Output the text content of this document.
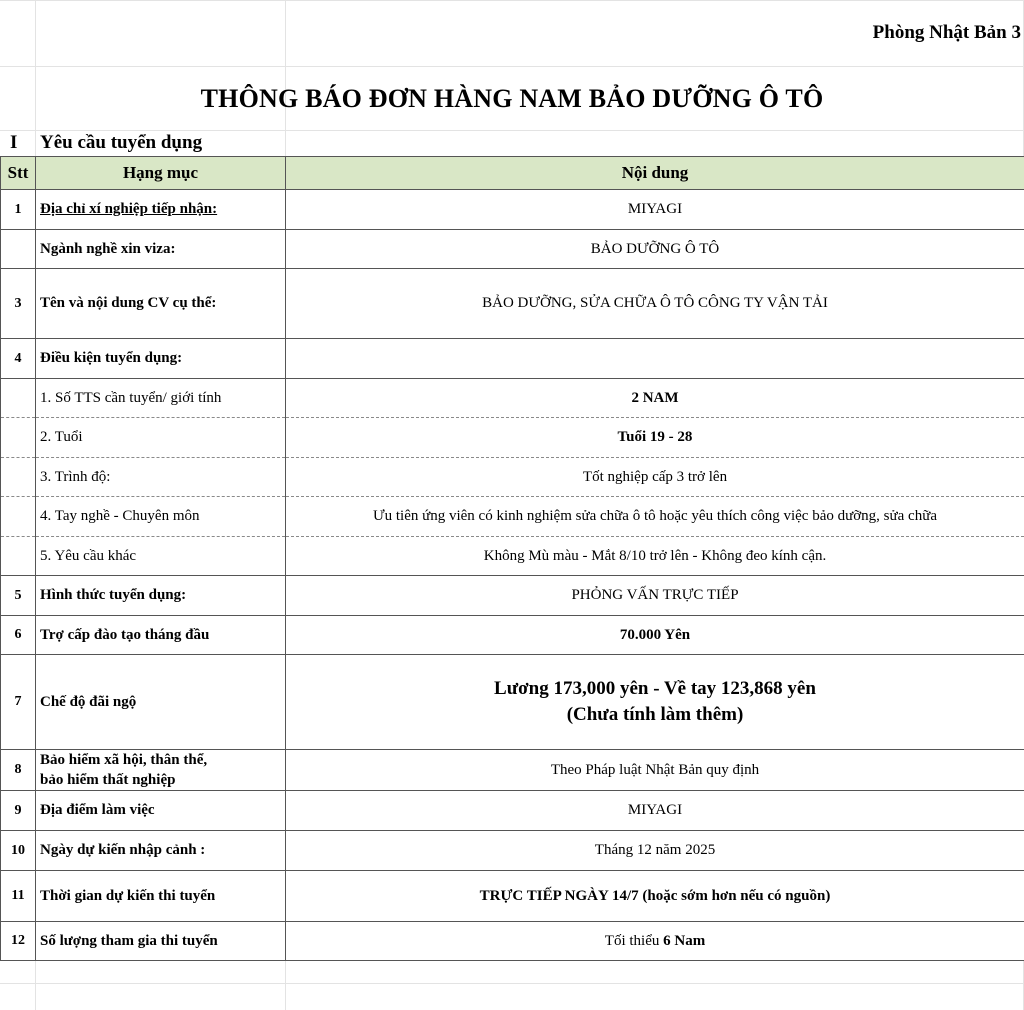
Phòng Nhật Bản 3
THÔNG BÁO ĐƠN HÀNG NAM BẢO DƯỠNG Ô TÔ
I Yêu cầu tuyển dụng
Stt	Hạng mục	Nội dung
1	Địa chỉ xí nghiệp tiếp nhận:	MIYAGI
	Ngành nghề xin viza:	BẢO DƯỠNG Ô TÔ
3	Tên và nội dung CV cụ thể:	BẢO DƯỠNG, SỬA CHỮA Ô TÔ CÔNG TY VẬN TẢI
4	Điều kiện tuyển dụng:	
	1. Số TTS cần tuyển/ giới tính	2 NAM
	2. Tuổi	Tuổi 19 - 28
	3. Trình độ:	Tốt nghiệp cấp 3 trở lên
	4. Tay nghề - Chuyên môn	Ưu tiên ứng viên có kinh nghiệm sửa chữa ô tô hoặc yêu thích công việc bảo dưỡng, sửa chữa
	5. Yêu cầu khác	Không Mù màu - Mắt 8/10 trở lên - Không đeo kính cận.
5	Hình thức tuyển dụng:	PHỎNG VẤN TRỰC TIẾP
6	Trợ cấp đào tạo tháng đầu	70.000 Yên
7	Chế độ đãi ngộ	Lương 173,000 yên - Về tay 123,868 yên
(Chưa tính làm thêm)

8	Bảo hiểm xã hội, thân thể,
bảo hiểm thất nghiệp	Theo Pháp luật Nhật Bản quy định
9	Địa điểm làm việc	MIYAGI
10	Ngày dự kiến nhập cảnh :	Tháng 12 năm 2025
11	Thời gian dự kiến thi tuyển	TRỰC TIẾP NGÀY 14/7 (hoặc sớm hơn nếu có nguồn)
12	Số lượng tham gia thi tuyển	Tối thiểu 6 Nam
